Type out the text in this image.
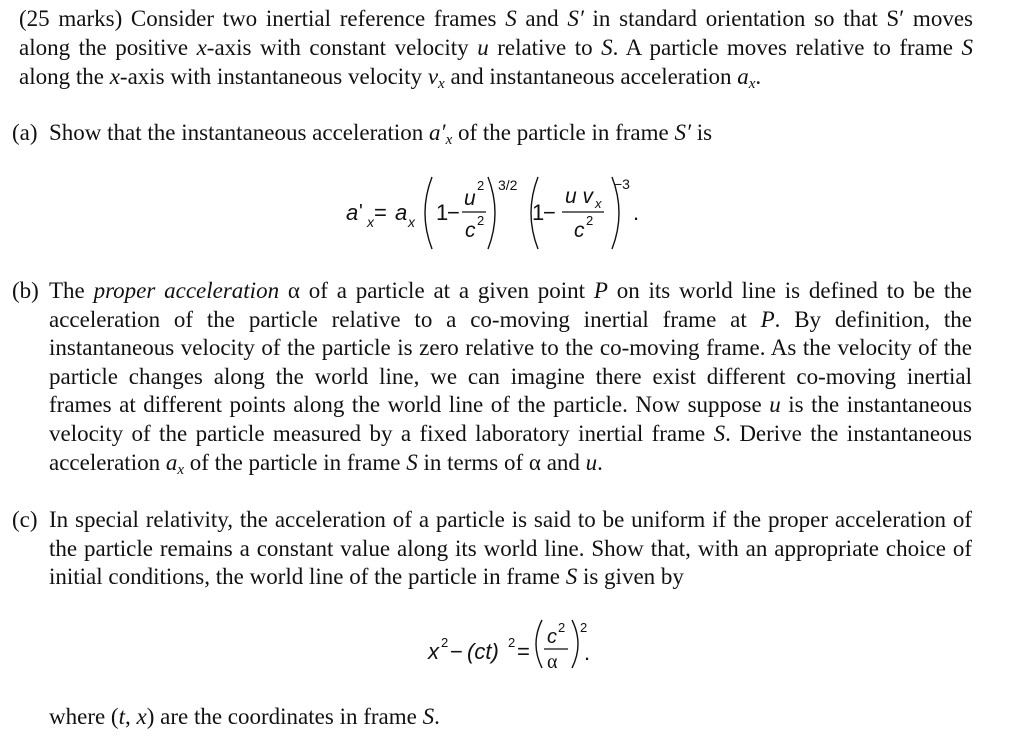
(25 marks) Consider two inertial reference frames S and S′ in standard orientation so that S′ moves along the positive x-axis with constant velocity u relative to S. A particle moves relative to frame S along the x-axis with instantaneous velocity $v_x$ and instantaneous acceleration $a_x$.
(a) Show that the instantaneous acceleration $a'_x$ of the particle in frame S′ is
a ' x = a x 1
−
u
2
c 2
3/2
1
−
u v x
c 2
−3
.
(b) The proper acceleration α of a particle at a given point P on its world line is defined to be the acceleration of the particle relative to a co-moving inertial frame at P. By definition, the instantaneous velocity of the particle is zero relative to the co-moving frame. As the velocity of the particle changes along the world line, we can imagine there exist different co-moving inertial frames at different points along the world line of the particle. Now suppose u is the instantaneous velocity of the particle measured by a fixed laboratory inertial frame S. Derive the instantaneous acceleration $a_x$ of the particle in frame S in terms of α and u.
(c) In special relativity, the acceleration of a particle is said to be uniform if the proper acceleration of the particle remains a constant value along its world line. Show that, with an appropriate choice of initial conditions, the world line of the particle in frame S is given by
x 2 − (ct) 2 =
c 2
α
2
.
where (t, x) are the coordinates in frame S.
